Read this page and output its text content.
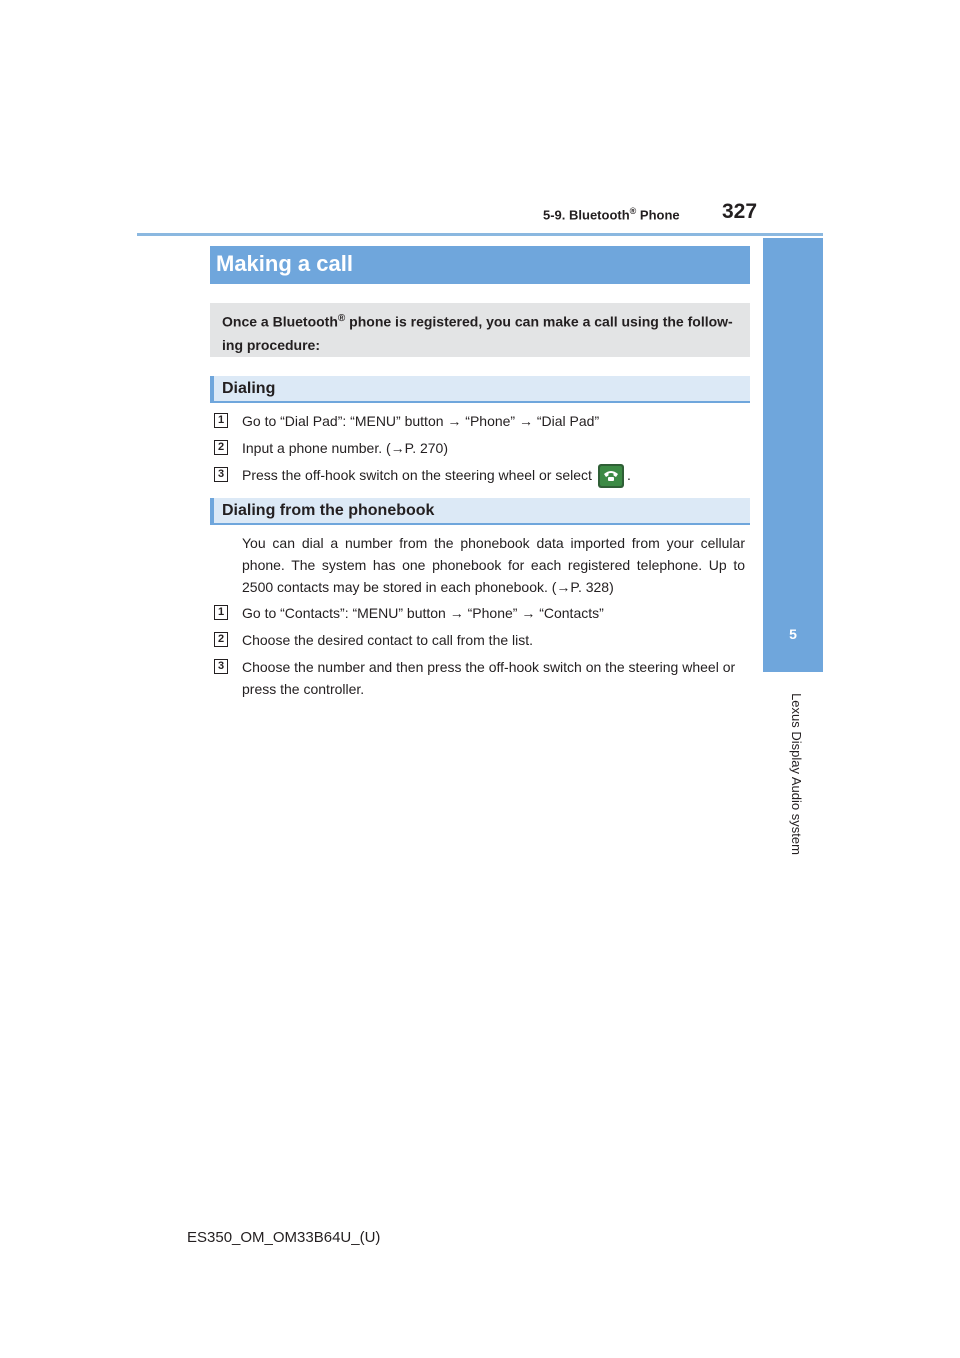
5-9. Bluetooth® Phone	327
5
Lexus Display Audio system
Making a call
Once a Bluetooth® phone is registered, you can make a call using the follow-ing procedure:
Dialing
1 Go to “Dial Pad”: “MENU” button → “Phone” → “Dial Pad”
2 Input a phone number. (→P. 270)
3 Press the off-hook switch on the steering wheel or select	.
Dialing from the phonebook
You can dial a number from the phonebook data imported from your cellular phone. The system has one phonebook for each registered telephone. Up to 2500 contacts may be stored in each phonebook. (→P. 328)
1 Go to “Contacts”: “MENU” button → “Phone” → “Contacts”
2 Choose the desired contact to call from the list.
3 Choose the number and then press the off-hook switch on the steering wheel or press the controller.
ES350_OM_OM33B64U_(U)
